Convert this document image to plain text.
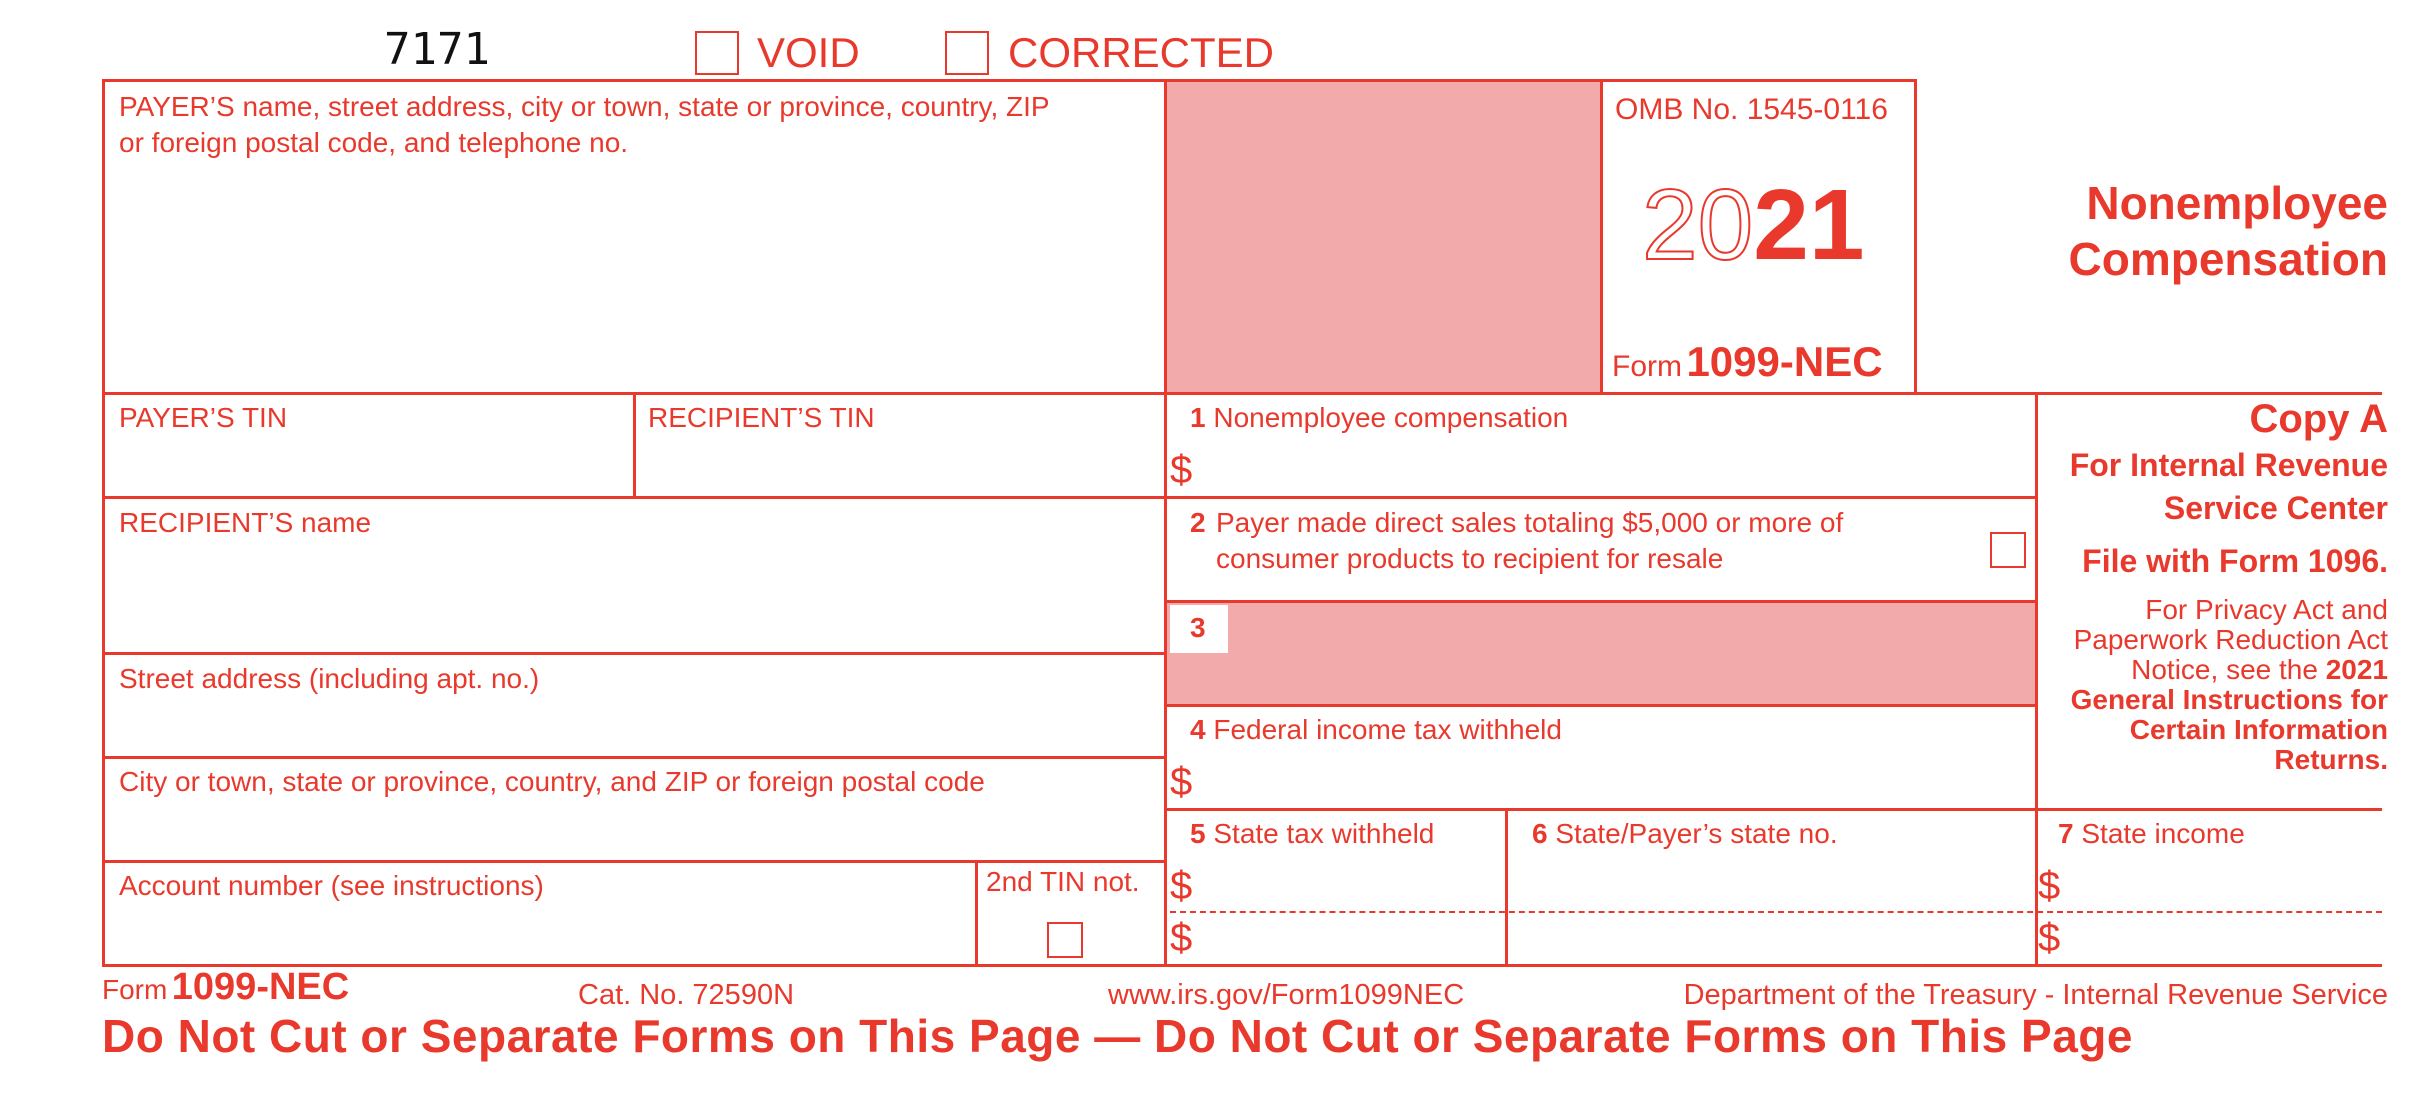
7171	VOID	CORRECTED
PAYER’S name, street address, city or town, state or province, country, ZIP
or foreign postal code, and telephone no.
OMB No. 1545-0116
2021
Form 1099-NEC
Nonemployee
Compensation
Copy A
For Internal Revenue
Service Center
File with Form 1096.
For Privacy Act and
Paperwork Reduction Act
Notice, see the 2021
General Instructions for
Certain Information
Returns.
PAYER’S TIN	RECIPIENT’S TIN
RECIPIENT’S name
Street address (including apt. no.)
City or town, state or province, country, and ZIP or foreign postal code
Account number (see instructions)	2nd TIN not.
1 Nonemployee compensation
$
2 Payer made direct sales totaling $5,000 or more of
consumer products to recipient for resale
3
4 Federal income tax withheld
$
5 State tax withheld
$
$
6 State/Payer’s state no.	7 State income
$
$
Form 1099-NEC	Cat. No. 72590N	www.irs.gov/Form1099NEC	Department of the Treasury - Internal Revenue Service
Do Not Cut or Separate Forms on This Page — Do Not Cut or Separate Forms on This Page
